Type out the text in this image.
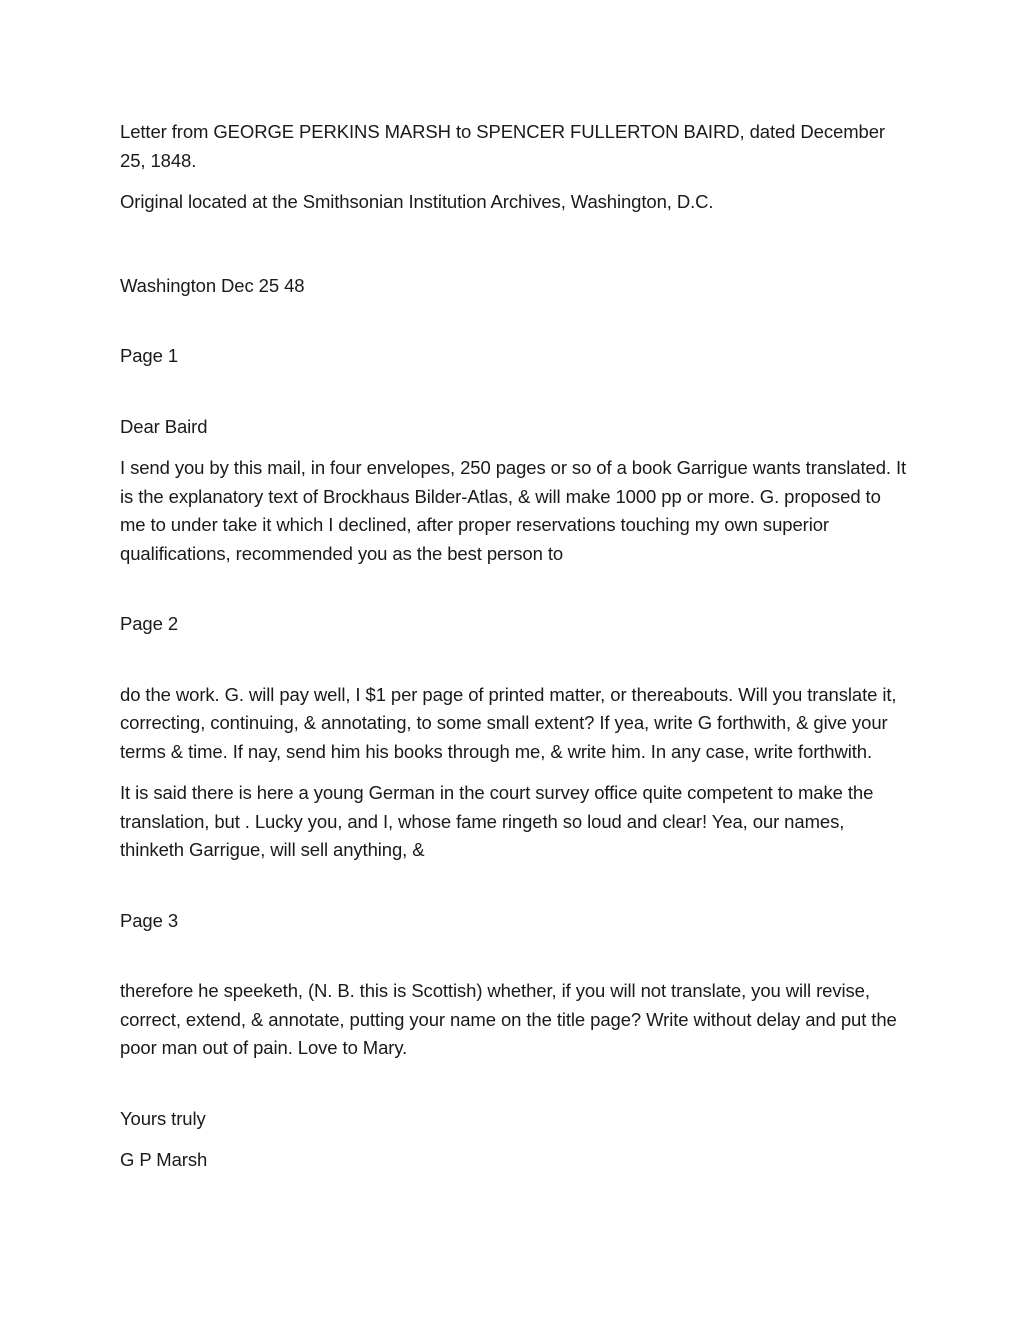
Letter from GEORGE PERKINS MARSH to SPENCER FULLERTON BAIRD, dated December 25, 1848.

Original located at the Smithsonian Institution Archives, Washington, D.C.

Washington Dec 25 48

Page 1

Dear Baird

I send you by this mail, in four envelopes, 250 pages or so of a book Garrigue wants translated. It is the explanatory text of Brockhaus Bilder-Atlas, & will make 1000 pp or more. G. proposed to me to under take it which I declined, after proper reservations touching my own superior qualifications, recommended you as the best person to

Page 2

do the work. G. will pay well, I $1 per page of printed matter, or thereabouts. Will you translate it, correcting, continuing, & annotating, to some small extent? If yea, write G forthwith, & give your terms & time. If nay, send him his books through me, & write him. In any case, write forthwith.

It is said there is here a young German in the court survey office quite competent to make the translation, but . Lucky you, and I, whose fame ringeth so loud and clear! Yea, our names, thinketh Garrigue, will sell anything, &

Page 3

therefore he speeketh, (N. B. this is Scottish) whether, if you will not translate, you will revise, correct, extend, & annotate, putting your name on the title page? Write without delay and put the poor man out of pain. Love to Mary.

Yours truly

G P Marsh
